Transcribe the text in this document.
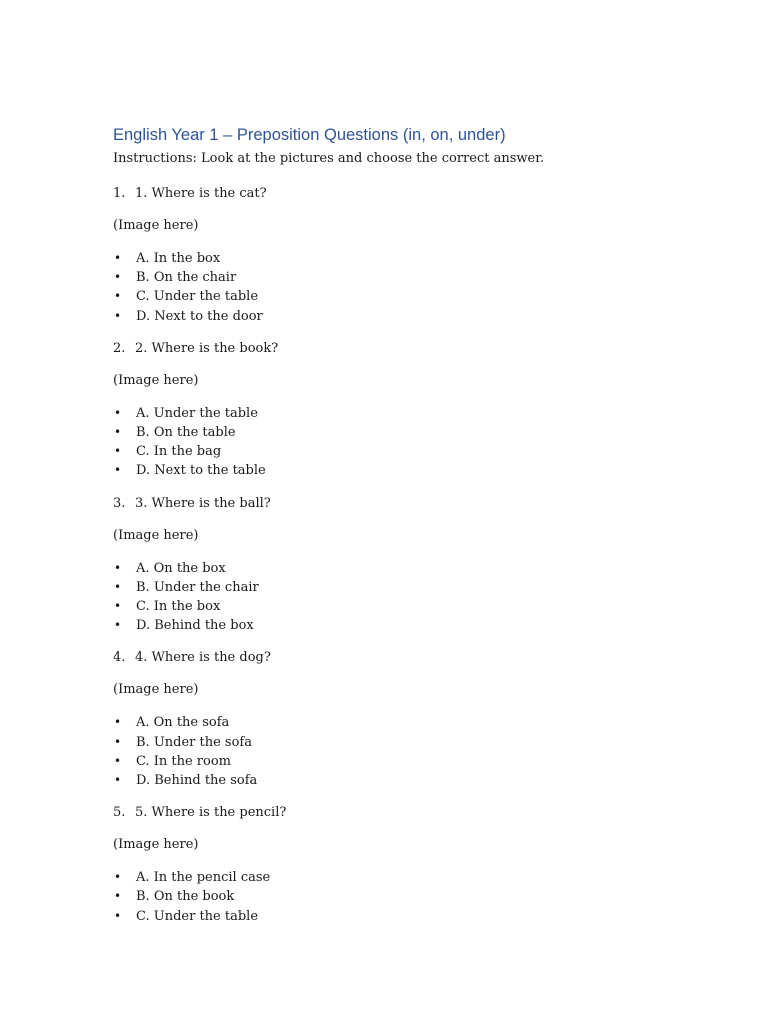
English Year 1 – Preposition Questions (in, on, under)

Instructions: Look at the pictures and choose the correct answer.

1. 1. Where is the cat?
(Image here)
•	A. In the box
•	B. On the chair
•	C. Under the table
•	D. Next to the door
2. 2. Where is the book?
(Image here)
•	A. Under the table
•	B. On the table
•	C. In the bag
•	D. Next to the table
3. 3. Where is the ball?
(Image here)
•	A. On the box
•	B. Under the chair
•	C. In the box
•	D. Behind the box
4. 4. Where is the dog?
(Image here)
•	A. On the sofa
•	B. Under the sofa
•	C. In the room
•	D. Behind the sofa
5. 5. Where is the pencil?
(Image here)
•	A. In the pencil case
•	B. On the book
•	C. Under the table
